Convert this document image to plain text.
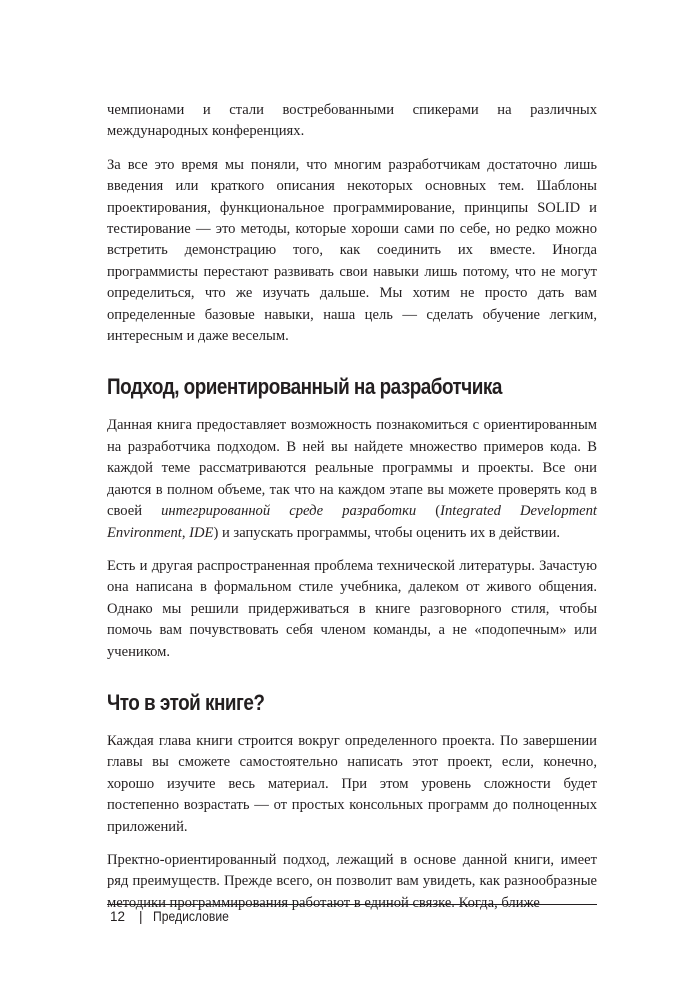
чемпионами и стали востребованными спикерами на различных международных конференциях.

За все это время мы поняли, что многим разработчикам достаточно лишь введения или краткого описания некоторых основных тем. Шаблоны проектирования, функциональное программирование, принципы SOLID и тестирование — это методы, которые хороши сами по себе, но редко можно встретить демонстрацию того, как соединить их вместе. Иногда программисты перестают развивать свои навыки лишь потому, что не могут определиться, что же изучать дальше. Мы хотим не просто дать вам определенные базовые навыки, наша цель — сделать обучение легким, интересным и даже веселым.

Подход, ориентированный на разработчика

Данная книга предоставляет возможность познакомиться с ориентированным на разработчика подходом. В ней вы найдете множество примеров кода. В каждой теме рассматриваются реальные программы и проекты. Все они даются в полном объеме, так что на каждом этапе вы можете проверять код в своей интегрированной среде разработки (Integrated Development Environment, IDE) и запускать программы, чтобы оценить их в действии.

Есть и другая распространенная проблема технической литературы. Зачастую она написана в формальном стиле учебника, далеком от живого общения. Однако мы решили придерживаться в книге разговорного стиля, чтобы помочь вам почувствовать себя членом команды, а не «подопечным» или учеником.

Что в этой книге?

Каждая глава книги строится вокруг определенного проекта. По завершении главы вы сможете самостоятельно написать этот проект, если, конечно, хорошо изучите весь материал. При этом уровень сложности будет постепенно возрастать — от простых консольных программ до полноценных приложений.

Прeктно-ориентированный подход, лежащий в основе данной книги, имеет ряд преимуществ. Прежде всего, он позволит вам увидеть, как разнообразные методики программирования работают в единой связке. Когда, ближе

12 | Предисловие
